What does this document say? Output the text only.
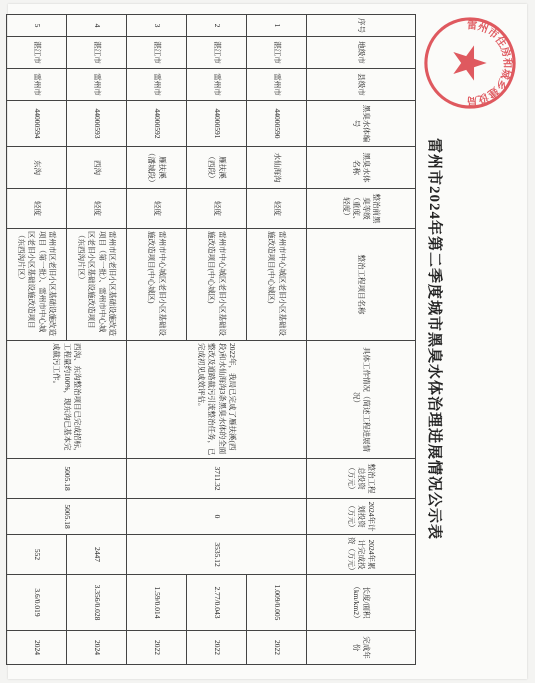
雷州市2024年第二季度城市黑臭水体治理进展情况公示表
序号	地级市	县级市	黑臭水体编号	黑臭水体名称	整治前黑臭等级（重度、轻度）	整治工程项目名称	具体工作情况（简述工程进展情况）	整治工程总投资（万元）	2024年计划投资（万元）	2024年累计完成投资（万元）	长度/面积（km/km2）	完成年份
1	湛江市	雷州市	44000590	水仙海沟	轻度	雷州市中心城区老旧小区基础设施改造项目(中心城区)	2022年，我局已完成了雁扶溪(西段)和水仙海沟3条黑臭水体的全面整改及道路截污引流整治任务，已完成初见成效评估。	3711.32	0	3535.12	1.009/0.005	2022
2	湛江市	雷州市	44000591	雁扶溪（西段）	轻度	雷州市中心城区老旧小区基础设施改造项目(中心城区)					2.77/0.043	2022
3	湛江市	雷州市	44000592	雁扶溪（潘城段）	轻度	雷州市中心城区老旧小区基础设施改造项目(中心城区)					1.59/0.014	2022
4	湛江市	雷州市	44000593	西沟	轻度	雷州市区老旧小区基础设施改造项目（第一批）、雷州市中心城区老旧小区基础设施改造项目（东西沟片区）	西沟、东沟整治项目已完成招标，工程量约100%，现东沟已基本完成截污工作。	5005.18	5005.18	2447	3.356/0.028	2024
5	湛江市	雷州市	44000594	东沟	轻度	雷州市区老旧小区基础设施改造项目（第一批）、雷州市中心城区老旧小区基础设施改造项目（东西沟片区）				552	3.6/0.019	2024
雷州市住房和城乡建设局
